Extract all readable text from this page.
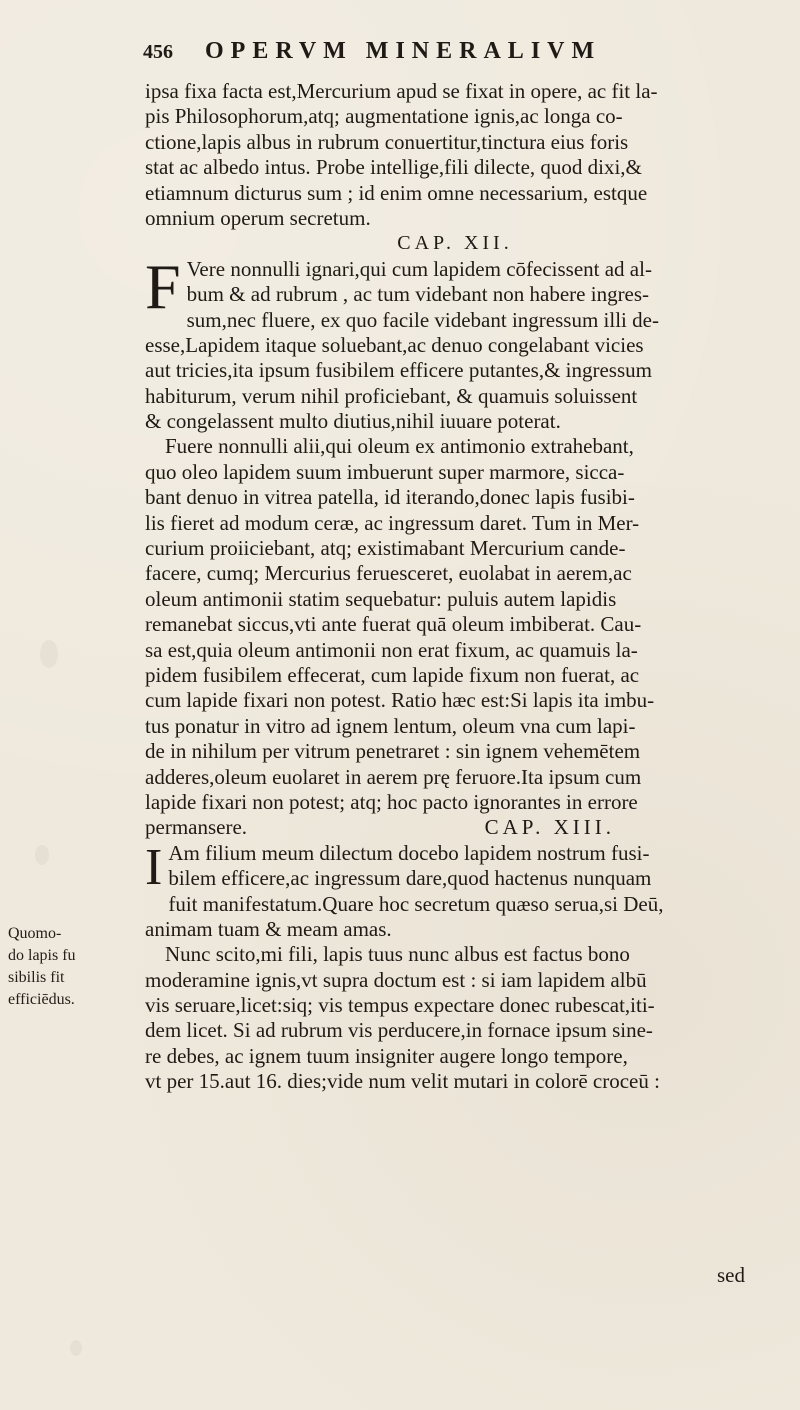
456 OPERVM MINERALIVM
ipsa fixa facta est,Mercurium apud se fixat in opere, ac fit la-
pis Philosophorum,atq; augmentatione ignis,ac longa co-
ctione,lapis albus in rubrum conuertitur,tinctura eius foris
stat ac albedo intus. Probe intellige,fili dilecte, quod dixi,&
etiamnum dicturus sum ; id enim omne necessarium, estque
omnium operum secretum.
CAP. XII.
F Vere nonnulli ignari,qui cum lapidem cōfecissent ad al-
bum & ad rubrum , ac tum videbant non habere ingres-
sum,nec fluere, ex quo facile videbant ingressum illi de-
esse,Lapidem itaque soluebant,ac denuo congelabant vicies
aut tricies,ita ipsum fusibilem efficere putantes,& ingressum
habiturum, verum nihil proficiebant, & quamuis soluissent
& congelassent multo diutius,nihil iuuare poterat.
Fuere nonnulli alii,qui oleum ex antimonio extrahebant,
quo oleo lapidem suum imbuerunt super marmore, sicca-
bant denuo in vitrea patella, id iterando,donec lapis fusibi-
lis fieret ad modum ceræ, ac ingressum daret. Tum in Mer-
curium proiiciebant, atq; existimabant Mercurium cande-
facere, cumq; Mercurius feruesceret, euolabat in aerem,ac
oleum antimonii statim sequebatur: puluis autem lapidis
remanebat siccus,vti ante fuerat quā oleum imbiberat. Cau-
sa est,quia oleum antimonii non erat fixum, ac quamuis la-
pidem fusibilem effecerat, cum lapide fixum non fuerat, ac
cum lapide fixari non potest. Ratio hæc est:Si lapis ita imbu-
tus ponatur in vitro ad ignem lentum, oleum vna cum lapi-
de in nihilum per vitrum penetraret : sin ignem vehemētem
adderes,oleum euolaret in aerem prę feruore.Ita ipsum cum
lapide fixari non potest; atq; hoc pacto ignorantes in errore
permansere.	CAP. XIII.
I Am filium meum dilectum docebo lapidem nostrum fusi-
bilem efficere,ac ingressum dare,quod hactenus nunquam
fuit manifestatum.Quare hoc secretum quæso serua,si Deū,
animam tuam & meam amas.
Nunc scito,mi fili, lapis tuus nunc albus est factus bono
moderamine ignis,vt supra doctum est : si iam lapidem albū
vis seruare,licet:siq; vis tempus expectare donec rubescat,iti-
dem licet. Si ad rubrum vis perducere,in fornace ipsum sine-
re debes, ac ignem tuum insigniter augere longo tempore,
vt per 15.aut 16. dies;vide num velit mutari in colorē croceū :
Quomo-
do lapis fu
sibilis fit
efficiēdus.
sed
